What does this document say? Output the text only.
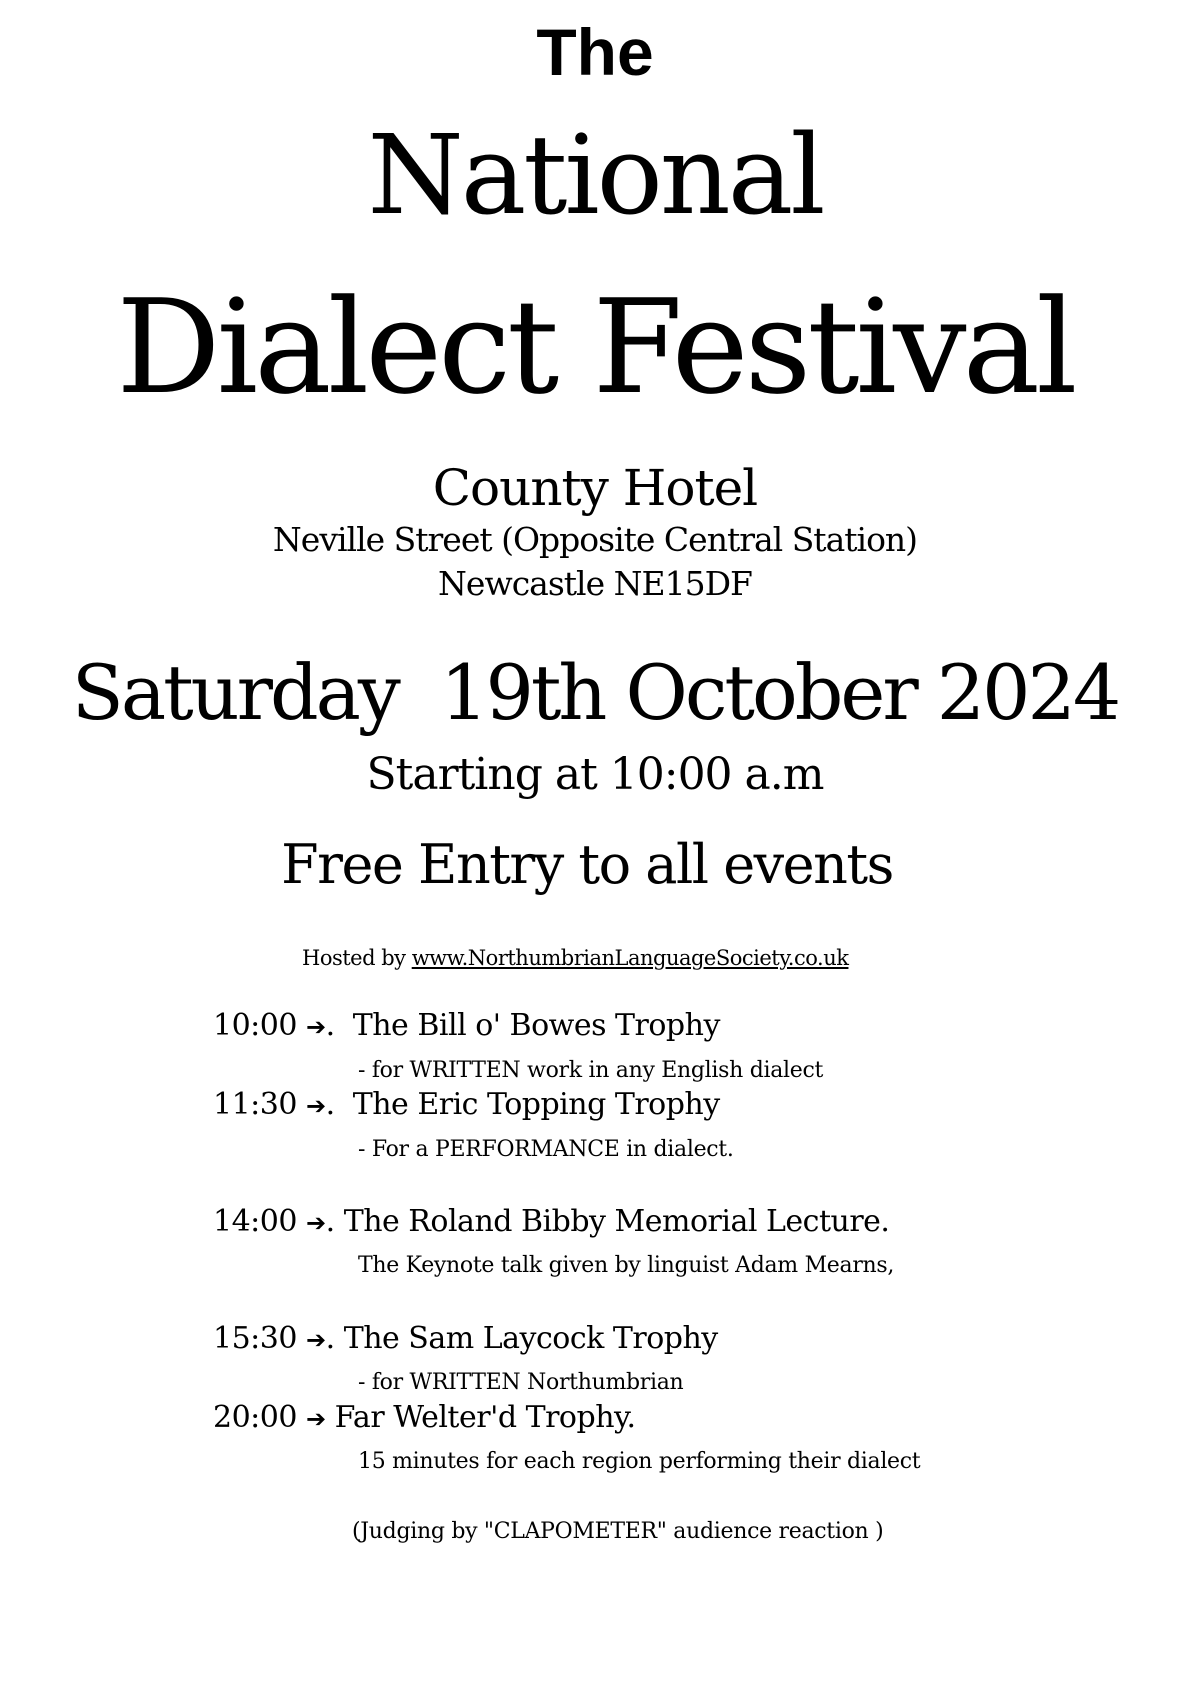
The
National
Dialect Festival
County Hotel
Neville Street (Opposite Central Station)
Newcastle NE15DF
Saturday  19th October 2024
Starting at 10:00 a.m
Free Entry to all events
Hosted by www.NorthumbrianLanguageSociety.co.uk
10:00 ➔.  The Bill o' Bowes Trophy
- for WRITTEN work in any English dialect
11:30 ➔.  The Eric Topping Trophy
- For a PERFORMANCE in dialect.
14:00 ➔. The Roland Bibby Memorial Lecture.
The Keynote talk given by linguist Adam Mearns,
15:30 ➔. The Sam Laycock Trophy
- for WRITTEN Northumbrian
20:00 ➔ Far Welter'd Trophy.
15 minutes for each region performing their dialect
(Judging by "CLAPOMETER" audience reaction )
